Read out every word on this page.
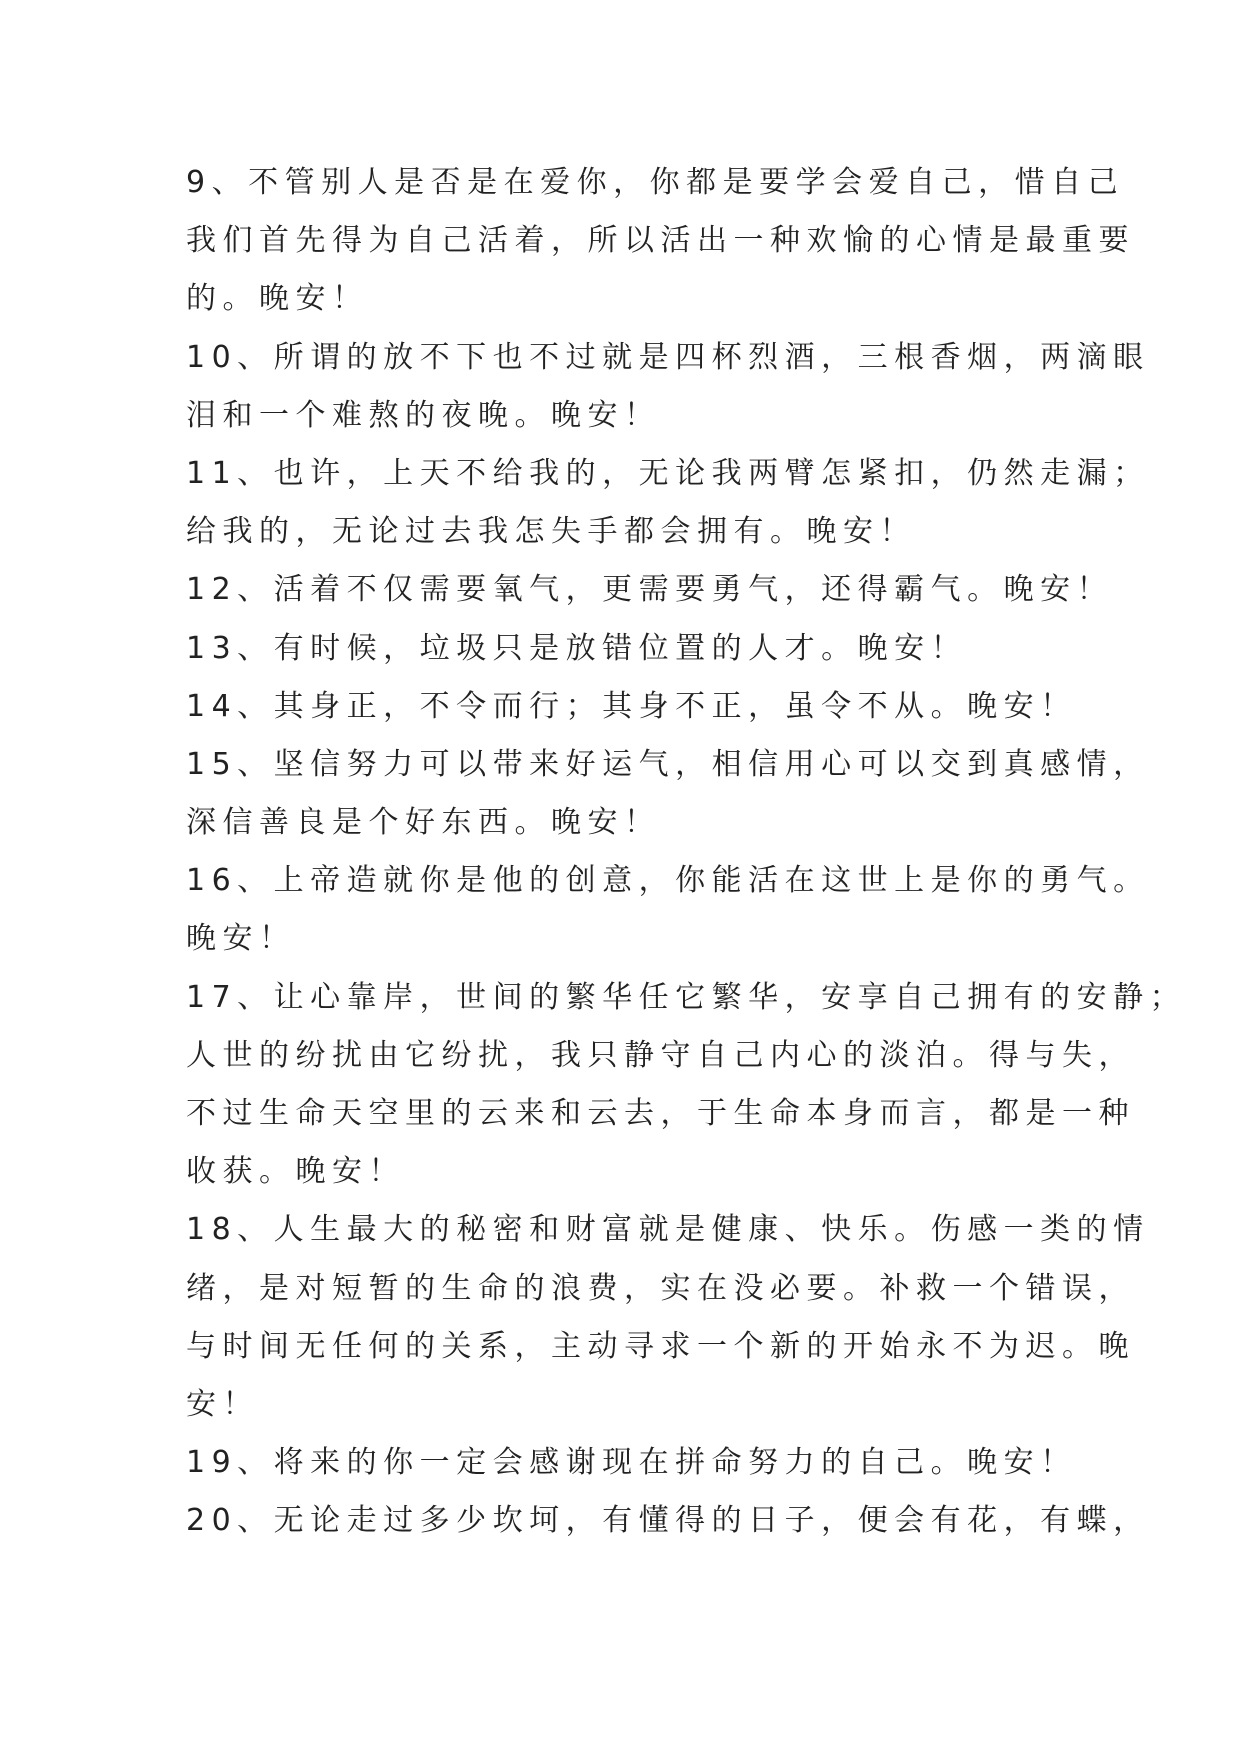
9、不管别人是否是在爱你，你都是要学会爱自己，惜自己
我们首先得为自己活着，所以活出一种欢愉的心情是最重要
的。晚安！
10、所谓的放不下也不过就是四杯烈酒，三根香烟，两滴眼
泪和一个难熬的夜晚。晚安！
11、也许，上天不给我的，无论我两臂怎紧扣，仍然走漏；
给我的，无论过去我怎失手都会拥有。晚安！
12、活着不仅需要氧气，更需要勇气，还得霸气。晚安！
13、有时候，垃圾只是放错位置的人才。晚安！
14、其身正，不令而行；其身不正，虽令不从。晚安！
15、坚信努力可以带来好运气，相信用心可以交到真感情，
深信善良是个好东西。晚安！
16、上帝造就你是他的创意，你能活在这世上是你的勇气。
晚安！
17、让心靠岸，世间的繁华任它繁华，安享自己拥有的安静；
人世的纷扰由它纷扰，我只静守自己内心的淡泊。得与失，
不过生命天空里的云来和云去，于生命本身而言，都是一种
收获。晚安！
18、人生最大的秘密和财富就是健康、快乐。伤感一类的情
绪，是对短暂的生命的浪费，实在没必要。补救一个错误，
与时间无任何的关系，主动寻求一个新的开始永不为迟。晚
安！
19、将来的你一定会感谢现在拼命努力的自己。晚安！
20、无论走过多少坎坷，有懂得的日子，便会有花，有蝶，
